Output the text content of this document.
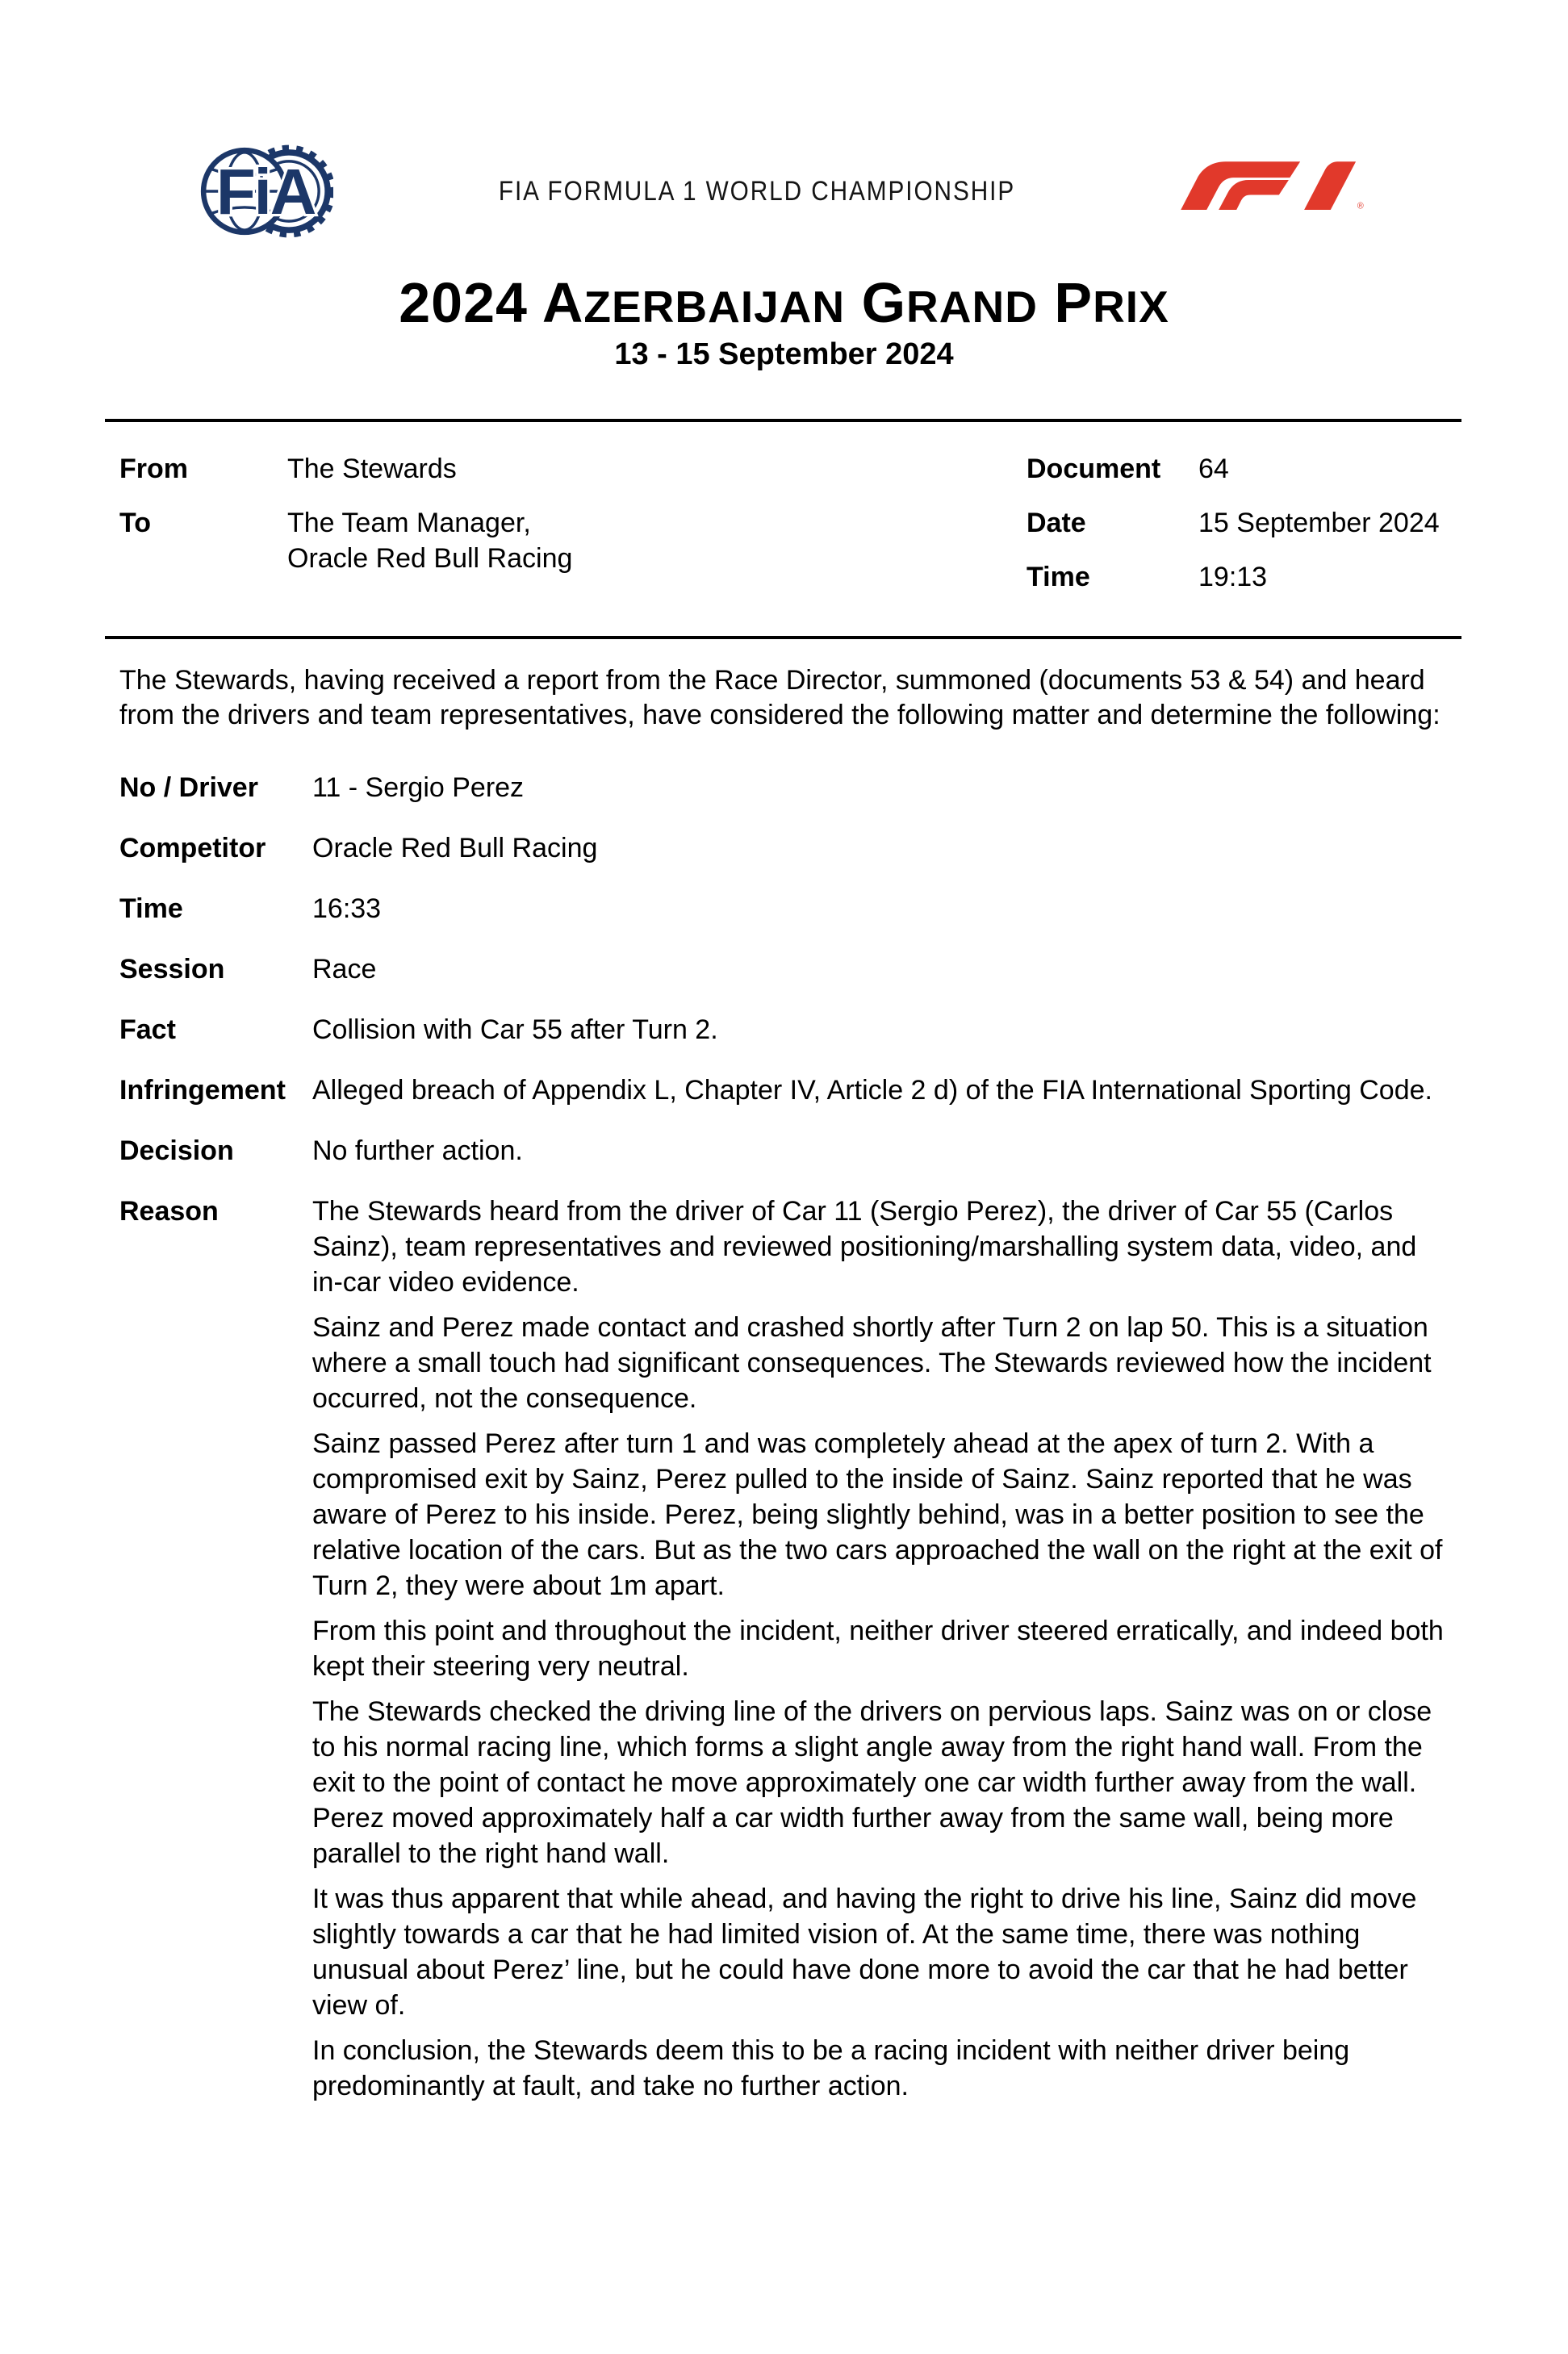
FiA	FIA FORMULA 1 WORLD CHAMPIONSHIP	®
2024 AZERBAIJAN GRAND PRIX
13 - 15 September 2024
From	The Stewards
To	The Team Manager,
Oracle Red Bull Racing
Document	64
Date	15 September 2024
Time	19:13

The Stewards, having received a report from the Race Director, summoned (documents 53 & 54) and heard from the drivers and team representatives, have considered the following matter and determine the following:

No / Driver	11 - Sergio Perez
Competitor	Oracle Red Bull Racing
Time	16:33
Session	Race
Fact	Collision with Car 55 after Turn 2.
Infringement Alleged breach of Appendix L, Chapter IV, Article 2 d) of the FIA International Sporting Code.
Decision	No further action.
Reason	The Stewards heard from the driver of Car 11 (Sergio Perez), the driver of Car 55 (Carlos Sainz), team representatives and reviewed positioning/marshalling system data, video, and in-car video evidence.

Sainz and Perez made contact and crashed shortly after Turn 2 on lap 50. This is a situation where a small touch had significant consequences. The Stewards reviewed how the incident occurred, not the consequence.

Sainz passed Perez after turn 1 and was completely ahead at the apex of turn 2. With a compromised exit by Sainz, Perez pulled to the inside of Sainz. Sainz reported that he was aware of Perez to his inside. Perez, being slightly behind, was in a better position to see the relative location of the cars. But as the two cars approached the wall on the right at the exit of Turn 2, they were about 1m apart.

From this point and throughout the incident, neither driver steered erratically, and indeed both kept their steering very neutral.

The Stewards checked the driving line of the drivers on pervious laps. Sainz was on or close to his normal racing line, which forms a slight angle away from the right hand wall. From the exit to the point of contact he move approximately one car width further away from the wall. Perez moved approximately half a car width further away from the same wall, being more parallel to the right hand wall.

It was thus apparent that while ahead, and having the right to drive his line, Sainz did move slightly towards a car that he had limited vision of. At the same time, there was nothing unusual about Perez’ line, but he could have done more to avoid the car that he had better view of.

In conclusion, the Stewards deem this to be a racing incident with neither driver being predominantly at fault, and take no further action.
